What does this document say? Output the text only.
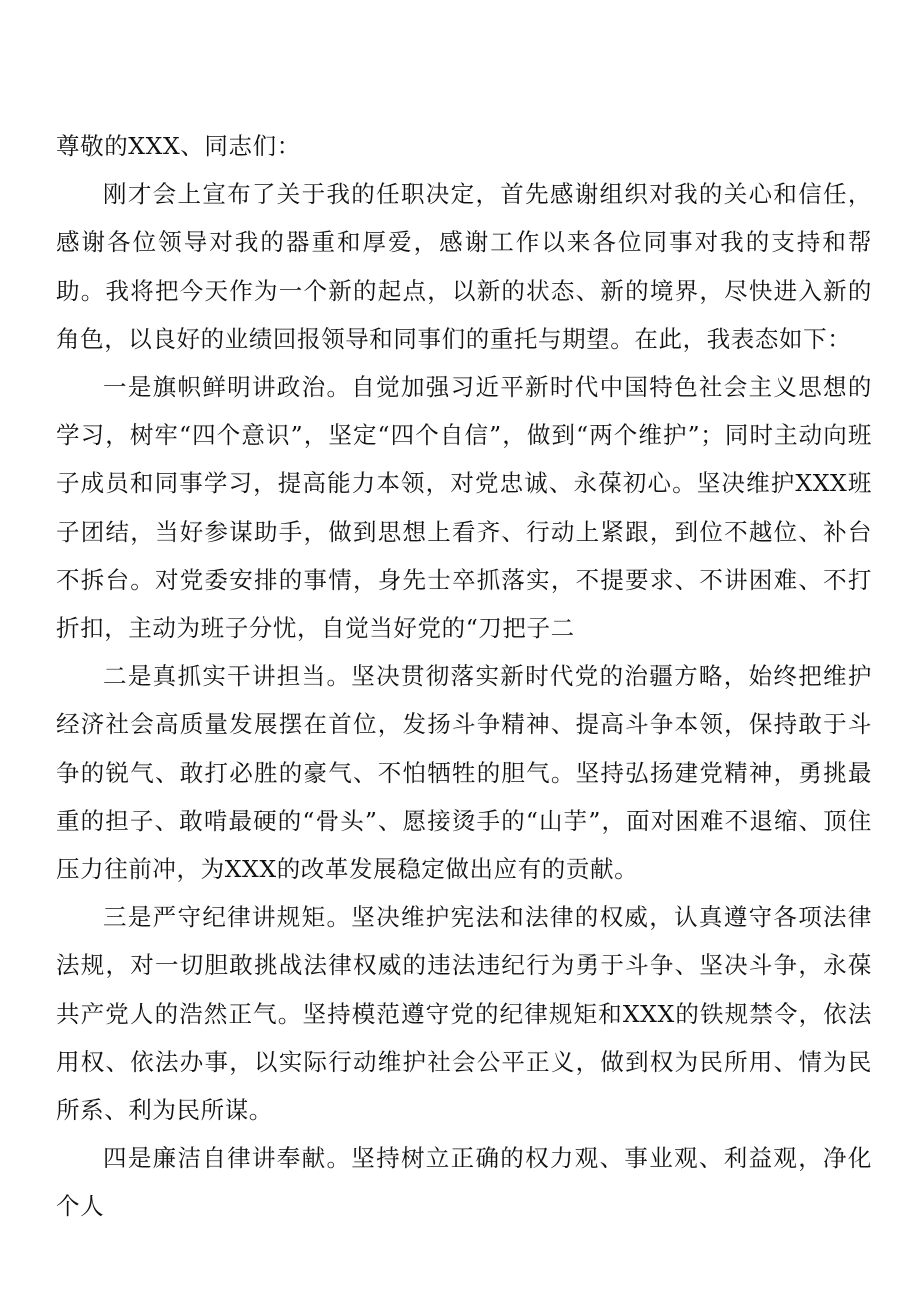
尊敬的XXX、同志们：

刚才会上宣布了关于我的任职决定，首先感谢组织对我的关心和信任，感谢各位领导对我的器重和厚爱，感谢工作以来各位同事对我的支持和帮助。我将把今天作为一个新的起点，以新的状态、新的境界，尽快进入新的角色，以良好的业绩回报领导和同事们的重托与期望。在此，我表态如下：

一是旗帜鲜明讲政治。自觉加强习近平新时代中国特色社会主义思想的学习，树牢“四个意识”，坚定“四个自信”，做到“两个维护”；同时主动向班子成员和同事学习，提高能力本领，对党忠诚、永葆初心。坚决维护XXX班子团结，当好参谋助手，做到思想上看齐、行动上紧跟，到位不越位、补台不拆台。对党委安排的事情，身先士卒抓落实，不提要求、不讲困难、不打折扣，主动为班子分忧，自觉当好党的“刀把子二

二是真抓实干讲担当。坚决贯彻落实新时代党的治疆方略，始终把维护经济社会高质量发展摆在首位，发扬斗争精神、提高斗争本领，保持敢于斗争的锐气、敢打必胜的豪气、不怕牺牲的胆气。坚持弘扬建党精神，勇挑最重的担子、敢啃最硬的“骨头”、愿接烫手的“山芋”，面对困难不退缩、顶住压力往前冲，为XXX的改革发展稳定做出应有的贡献。

三是严守纪律讲规矩。坚决维护宪法和法律的权威，认真遵守各项法律法规，对一切胆敢挑战法律权威的违法违纪行为勇于斗争、坚决斗争，永葆共产党人的浩然正气。坚持模范遵守党的纪律规矩和XXX的铁规禁令，依法用权、依法办事，以实际行动维护社会公平正义，做到权为民所用、情为民所系、利为民所谋。

四是廉洁自律讲奉献。坚持树立正确的权力观、事业观、利益观，净化个人
